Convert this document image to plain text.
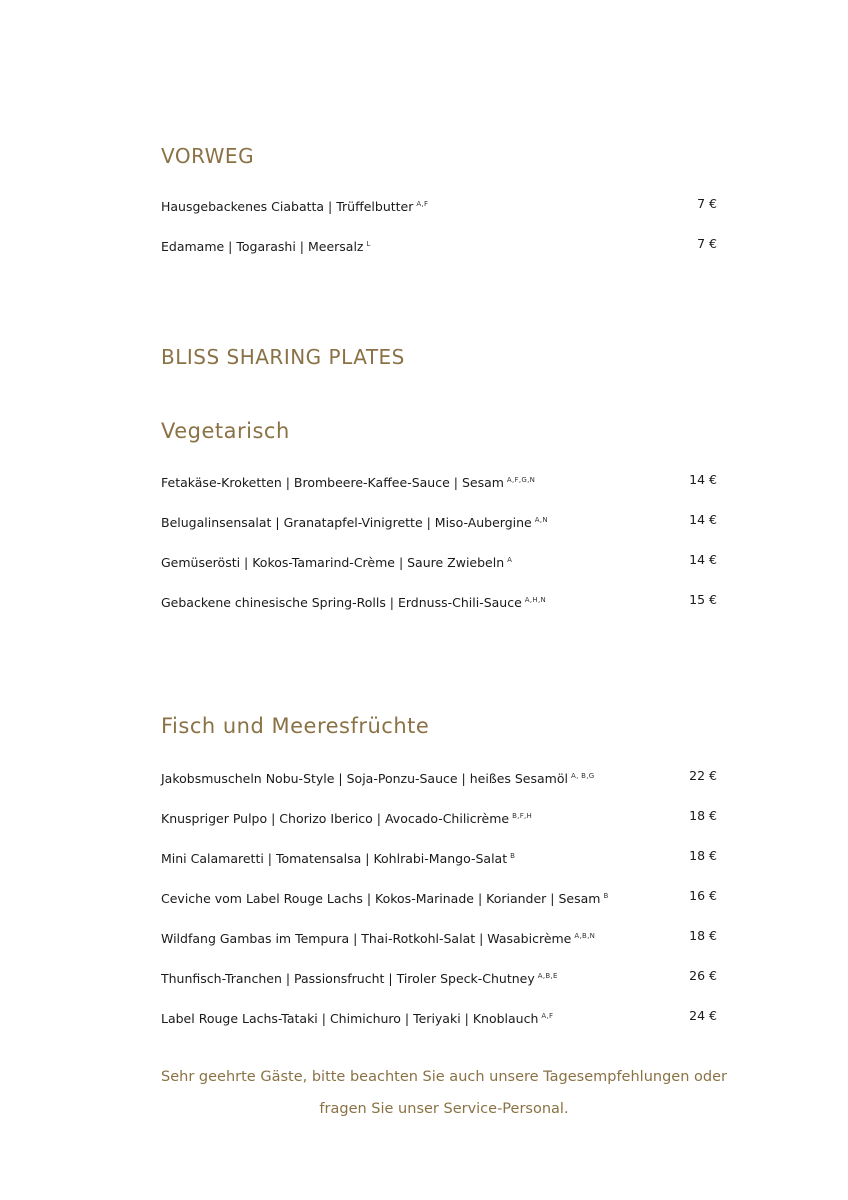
VORWEG
Hausgebackenes Ciabatta | Trüffelbutter $^{A,F}$	7 €
Edamame | Togarashi | Meersalz $^L$	7 €
BLISS SHARING PLATES
Vegetarisch
Fetakäse-Kroketten | Brombeere-Kaffee-Sauce | Sesam $^{A,F,G,N}$	14 €
Belugalinsensalat | Granatapfel-Vinigrette | Miso-Aubergine $^{A,N}$	14 €
Gemüserösti | Kokos-Tamarind-Crème | Saure Zwiebeln $^A$	14 €
Gebackene chinesische Spring-Rolls | Erdnuss-Chili-Sauce $^{A,H,N}$	15 €
Fisch und Meeresfrüchte
Jakobsmuscheln Nobu-Style | Soja-Ponzu-Sauce | heißes Sesamöl $^{A, B,G}$	22 €
Knuspriger Pulpo | Chorizo Iberico | Avocado-Chilicrème $^{B,F,H}$	18 €
Mini Calamaretti | Tomatensalsa | Kohlrabi-Mango-Salat $^B$	18 €
Ceviche vom Label Rouge Lachs | Kokos-Marinade | Koriander | Sesam $^B$	16 €
Wildfang Gambas im Tempura | Thai-Rotkohl-Salat | Wasabicrème $^{A,B,N}$	18 €
Thunfisch-Tranchen | Passionsfrucht | Tiroler Speck-Chutney $^{A,B,E}$	26 €
Label Rouge Lachs-Tataki | Chimichuro | Teriyaki | Knoblauch $^{A,F}$	24 €
Sehr geehrte Gäste, bitte beachten Sie auch unsere Tagesempfehlungen oder
fragen Sie unser Service-Personal.
